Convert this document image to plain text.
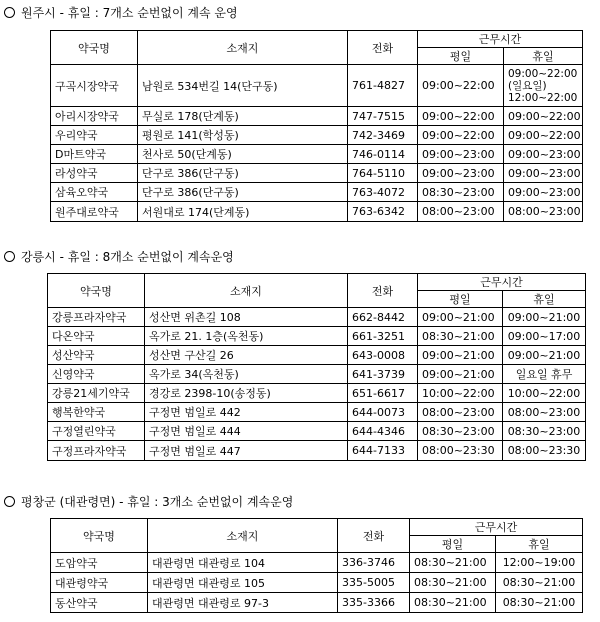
원주시 - 휴일 : 7개소 순번없이 계속 운영
약국명	소재지	전화	근무시간	
			평일	휴일
구곡시장약국	남원로 534번길 14(단구동)	761-4827	09:00~22:00	09:00~22:00
(일요일)
12:00~22:00
아리시장약국	무실로 178(단계동)	747-7515	09:00~22:00	09:00~22:00
우리약국	평원로 141(학성동)	742-3469	09:00~22:00	09:00~22:00
D마트약국	천사로 50(단계동)	746-0114	09:00~23:00	09:00~23:00
라성약국	단구로 386(단구동)	764-5110	09:00~23:00	09:00~23:00
삼육오약국	단구로 386(단구동)	763-4072	08:30~23:00	09:00~23:00
원주대로약국	서원대로 174(단계동)	763-6342	08:00~23:00	08:00~23:00
강릉시 - 휴일 : 8개소 순번없이 계속운영
약국명	소재지	전화	근무시간	
			평일	휴일
강릉프라자약국	성산면 위촌길 108	662-8442	09:00~21:00	09:00~21:00
다온약국	옥가로 21. 1층(옥천동)	661-3251	08:30~21:00	09:00~17:00
성산약국	성산면 구산길 26	643-0008	09:00~21:00	09:00~21:00
신영약국	옥가로 34(옥천동)	641-3739	09:00~21:00	일요일 휴무
강릉21세기약국	경강로 2398-10(송정동)	651-6617	10:00~22:00	10:00~22:00
행복한약국	구정면 범일로 442	644-0073	08:00~23:00	08:00~23:00
구정열린약국	구정면 범일로 444	644-4346	08:30~23:00	08:30~23:00
구정프라자약국	구정면 범일로 447	644-7133	08:00~23:30	08:00~23:30
평창군 (대관령면) - 휴일 : 3개소 순번없이 계속운영
약국명	소재지	전화	근무시간	
			평일	휴일
도암약국	대관령면 대관령로 104	336-3746	08:30~21:00	12:00~19:00
대관령약국	대관령면 대관령로 105	335-5005	08:30~21:00	08:30~21:00
동산약국	대관령면 대관령로 97-3	335-3366	08:30~21:00	08:30~21:00
